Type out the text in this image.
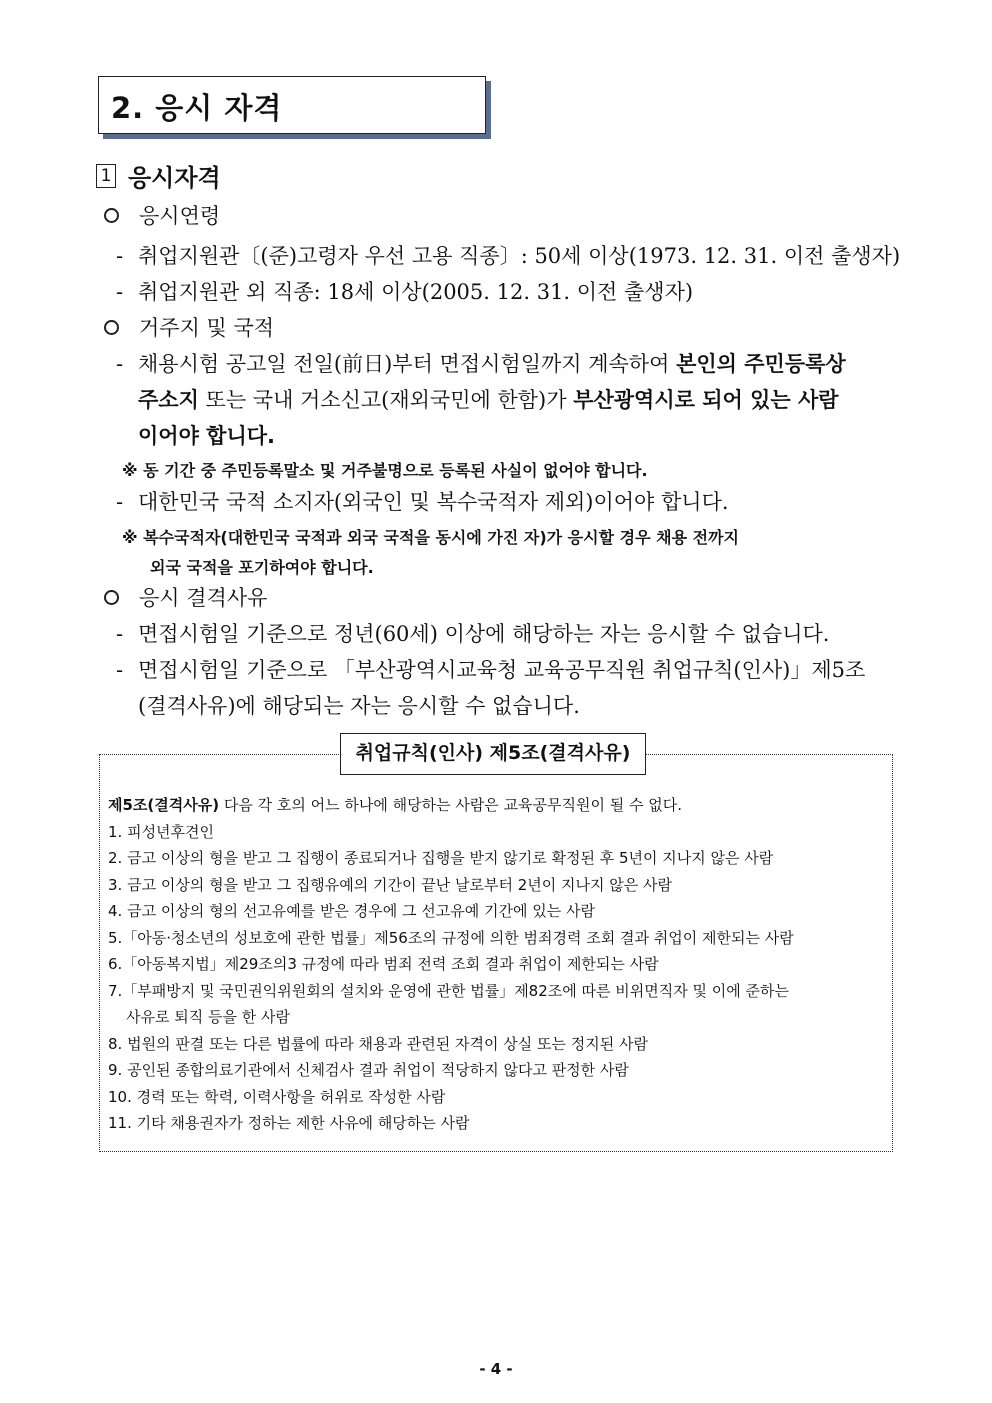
2. 응시 자격
1 응시자격
응시연령
- 취업지원관〔(준)고령자 우선 고용 직종〕: 50세 이상(1973. 12. 31. 이전 출생자)
- 취업지원관 외 직종: 18세 이상(2005. 12. 31. 이전 출생자)
거주지 및 국적
- 채용시험 공고일 전일(前日)부터 면접시험일까지 계속하여 본인의 주민등록상
주소지 또는 국내 거소신고(재외국민에 한함)가 부산광역시로 되어 있는 사람
이어야 합니다.
※ 동 기간 중 주민등록말소 및 거주불명으로 등록된 사실이 없어야 합니다.
- 대한민국 국적 소지자(외국인 및 복수국적자 제외)이어야 합니다.
※ 복수국적자(대한민국 국적과 외국 국적을 동시에 가진 자)가 응시할 경우 채용 전까지
외국 국적을 포기하여야 합니다.
응시 결격사유
- 면접시험일 기준으로 정년(60세) 이상에 해당하는 자는 응시할 수 없습니다.
- 면접시험일 기준으로 「부산광역시교육청 교육공무직원 취업규칙(인사)」제5조
(결격사유)에 해당되는 자는 응시할 수 없습니다.
취업규칙(인사) 제5조(결격사유)
제5조(결격사유) 다음 각 호의 어느 하나에 해당하는 사람은 교육공무직원이 될 수 없다.
1. 피성년후견인
2. 금고 이상의 형을 받고 그 집행이 종료되거나 집행을 받지 않기로 확정된 후 5년이 지나지 않은 사람
3. 금고 이상의 형을 받고 그 집행유예의 기간이 끝난 날로부터 2년이 지나지 않은 사람
4. 금고 이상의 형의 선고유예를 받은 경우에 그 선고유예 기간에 있는 사람
5.「아동·청소년의 성보호에 관한 법률」제56조의 규정에 의한 범죄경력 조회 결과 취업이 제한되는 사람
6.「아동복지법」제29조의3 규정에 따라 범죄 전력 조회 결과 취업이 제한되는 사람
7.「부패방지 및 국민권익위원회의 설치와 운영에 관한 법률」제82조에 따른 비위면직자 및 이에 준하는
사유로 퇴직 등을 한 사람
8. 법원의 판결 또는 다른 법률에 따라 채용과 관련된 자격이 상실 또는 정지된 사람
9. 공인된 종합의료기관에서 신체검사 결과 취업이 적당하지 않다고 판정한 사람
10. 경력 또는 학력, 이력사항을 허위로 작성한 사람
11. 기타 채용권자가 정하는 제한 사유에 해당하는 사람
- 4 -
